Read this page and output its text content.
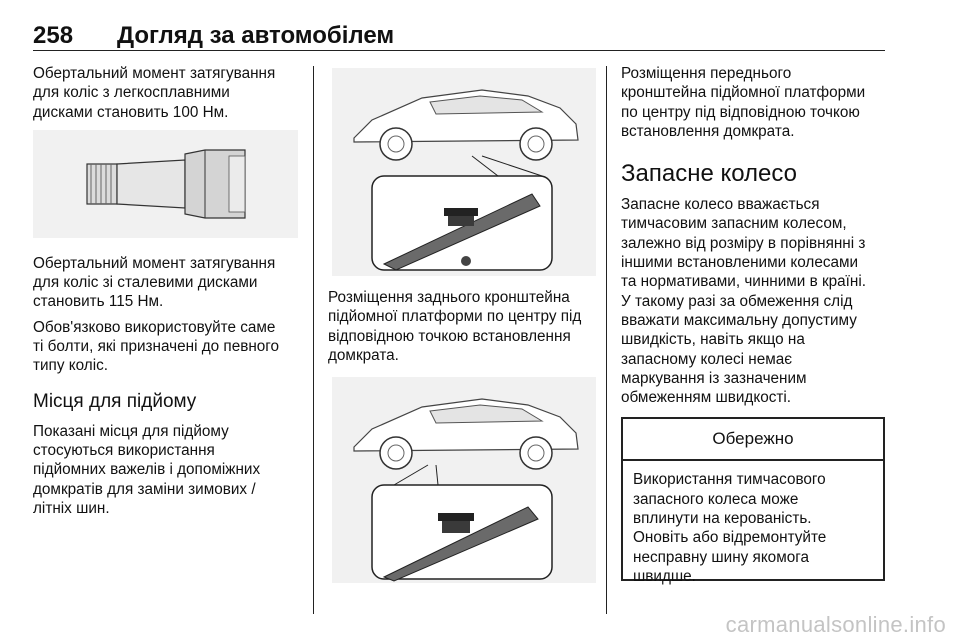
258 Догляд за автомобілем

Обертальний момент затягування
для коліс з легкосплавними
дисками становить 100 Нм.

Обертальний момент затягування
для коліс зі сталевими дисками
становить 115 Нм.

Обов'язково використовуйте саме
ті болти, які призначені до певного
типу коліс.

Місця для підйому

Показані місця для підйому
стосуються використання
підйомних важелів і допоміжних
домкратів для заміни зимових /
літніх шин.

Розміщення заднього кронштейна
підйомної платформи по центру під
відповідною точкою встановлення
домкрата.

Розміщення переднього
кронштейна підйомної платформи
по центру під відповідною точкою
встановлення домкрата.

Запасне колесо

Запасне колесо вважається
тимчасовим запасним колесом,
залежно від розміру в порівнянні з
іншими встановленими колесами
та нормативами, чинними в країні.
У такому разі за обмеження слід
вважати максимальну допустиму
швидкість, навіть якщо на
запасному колесі немає
маркування із зазначеним
обмеженням швидкості.

Обережно
Використання тимчасового
запасного колеса може
вплинути на керованість.
Оновіть або відремонтуйте
несправну шину якомога
швидше.
carmanualsonline.info
